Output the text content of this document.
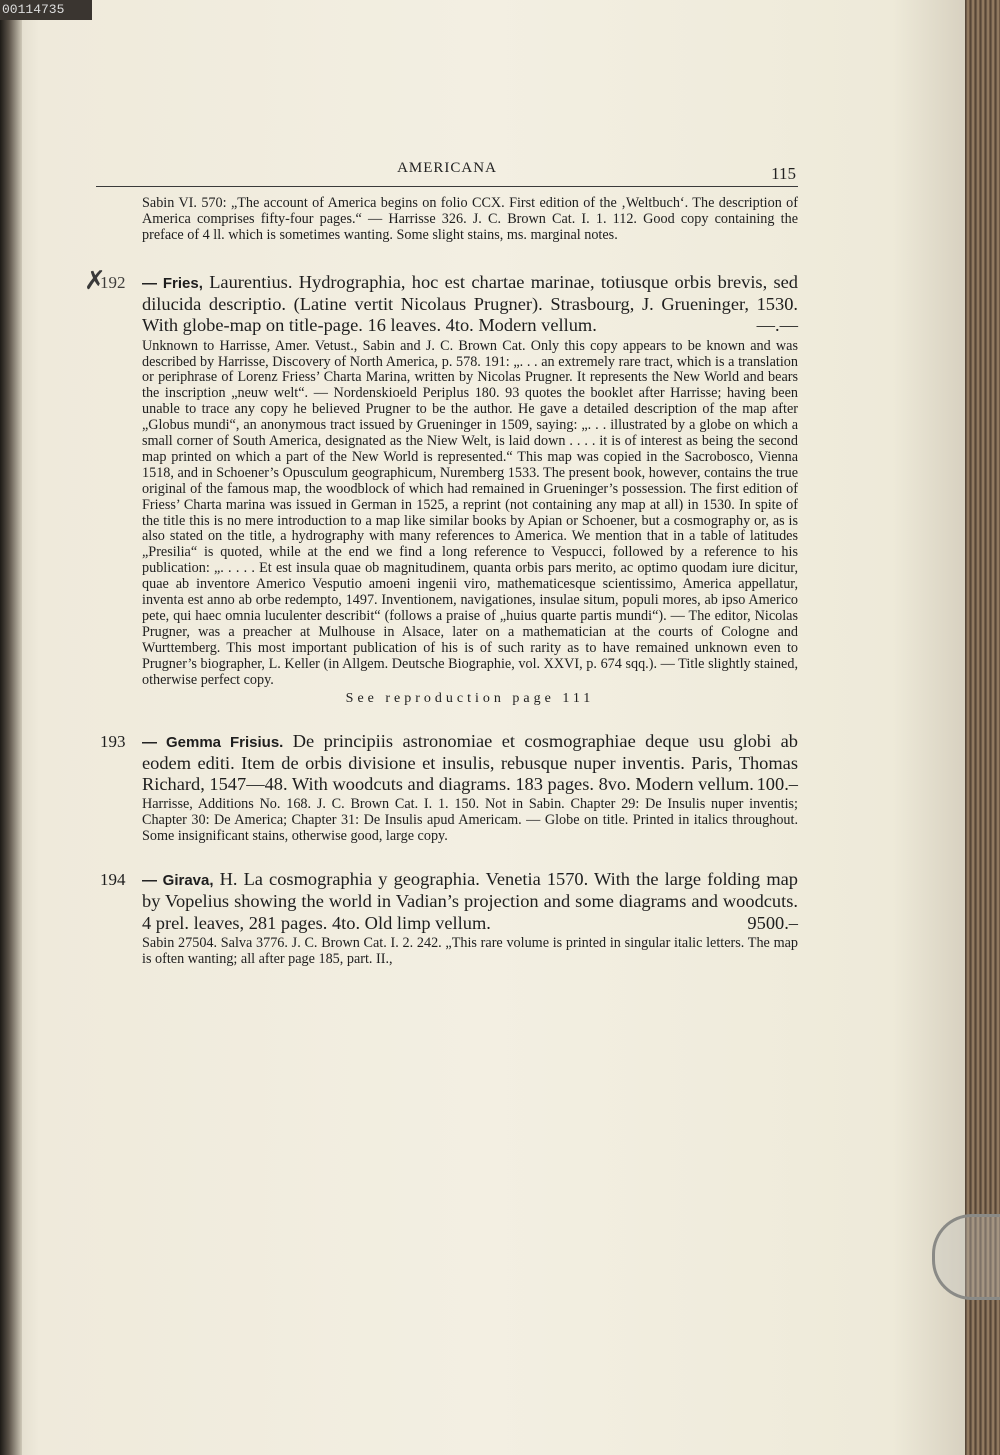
00114735
AMERICANA	115

Sabin VI. 570: „The account of America begins on folio CCX. First edition of the ‚Weltbuch‘. The description of America comprises fifty-four pages.“ — Harrisse 326. J. C. Brown Cat. I. 1. 112. Good copy containing the preface of 4 ll. which is sometimes wanting. Some slight stains, ms. marginal notes.

✗
192 — Fries, Laurentius. Hydrographia, hoc est chartae marinae, totiusque orbis brevis, sed dilucida descriptio. (Latine vertit Nicolaus Prugner). Strasbourg, J. Grueninger, 1530. With globe-map on title-page. 16 leaves. 4to. Modern vellum.	—.—

Unknown to Harrisse, Amer. Vetust., Sabin and J. C. Brown Cat. Only this copy appears to be known and was described by Harrisse, Discovery of North America, p. 578. 191: „. . . an extremely rare tract, which is a translation or periphrase of Lorenz Friess’ Charta Marina, written by Nicolas Prugner. It represents the New World and bears the inscription „neuw welt“. — Nordenskioeld Periplus 180. 93 quotes the booklet after Harrisse; having been unable to trace any copy he believed Prugner to be the author. He gave a detailed description of the map after „Globus mundi“, an anonymous tract issued by Grueninger in 1509, saying: „. . . illustrated by a globe on which a small corner of South America, designated as the Niew Welt, is laid down . . . . it is of interest as being the second map printed on which a part of the New World is represented.“ This map was copied in the Sacrobosco, Vienna 1518, and in Schoener’s Opusculum geographicum, Nuremberg 1533. The present book, however, contains the true original of the famous map, the woodblock of which had remained in Grueninger’s possession. The first edition of Friess’ Charta marina was issued in German in 1525, a reprint (not containing any map at all) in 1530. In spite of the title this is no mere introduction to a map like similar books by Apian or Schoener, but a cosmography or, as is also stated on the title, a hydrography with many references to America. We mention that in a table of latitudes „Presilia“ is quoted, while at the end we find a long reference to Vespucci, followed by a reference to his publication: „. . . . . Et est insula quae ob magnitudinem, quanta orbis pars merito, ac optimo quodam iure dicitur, quae ab inventore Americo Vesputio amoeni ingenii viro, mathematicesque scientissimo, America appellatur, inventa est anno ab orbe redempto, 1497. Inventionem, navigationes, insulae situm, populi mores, ab ipso Americo pete, qui haec omnia luculenter describit“ (follows a praise of „huius quarte partis mundi“). — The editor, Nicolas Prugner, was a preacher at Mulhouse in Alsace, later on a mathematician at the courts of Cologne and Wurttemberg. This most important publication of his is of such rarity as to have remained unknown even to Prugner’s biographer, L. Keller (in Allgem. Deutsche Biographie, vol. XXVI, p. 674 sqq.). — Title slightly stained, otherwise perfect copy.

See reproduction page 111
193 — Gemma Frisius. De principiis astronomiae et cosmographiae deque usu globi ab eodem editi. Item de orbis divisione et insulis, rebusque nuper inventis. Paris, Thomas Richard, 1547—48. With woodcuts and diagrams. 183 pages. 8vo. Modern vellum. 100.–

Harrisse, Additions No. 168. J. C. Brown Cat. I. 1. 150. Not in Sabin. Chapter 29: De Insulis nuper inventis; Chapter 30: De America; Chapter 31: De Insulis apud Americam. — Globe on title. Printed in italics throughout. Some insignificant stains, otherwise good, large copy.

194 — Girava, H. La cosmographia y geographia. Venetia 1570. With the large folding map by Vopelius showing the world in Vadian’s projection and some diagrams and woodcuts. 4 prel. leaves, 281 pages. 4to. Old limp vellum.	9500.–

Sabin 27504. Salva 3776. J. C. Brown Cat. I. 2. 242. „This rare volume is printed in singular italic letters. The map is often wanting; all after page 185, part. II.,
